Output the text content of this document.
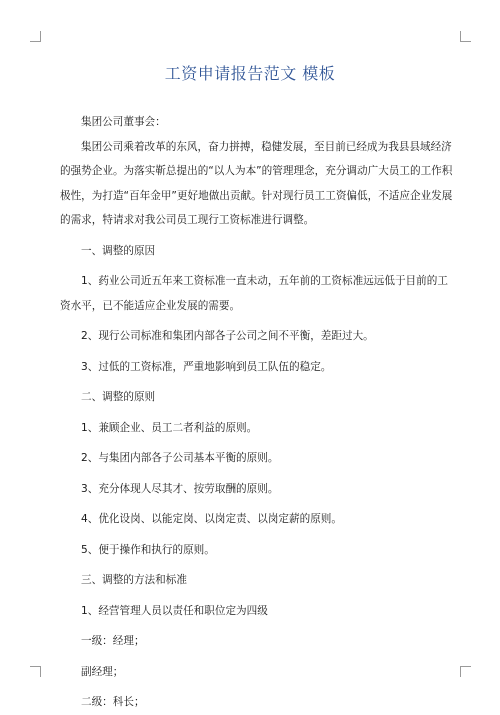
工资申请报告范文 模板

集团公司董事会：

集团公司乘着改革的东风，奋力拼搏，稳健发展，至目前已经成为我县县域经济

的强势企业。为落实靳总提出的“以人为本”的管理理念，充分调动广大员工的工作积

极性，为打造“百年金甲”更好地做出贡献。针对现行员工工资偏低，不适应企业发展

的需求，特请求对我公司员工现行工资标准进行调整。

一、调整的原因

1、药业公司近五年来工资标准一直未动，五年前的工资标准远远低于目前的工

资水平，已不能适应企业发展的需要。

2、现行公司标准和集团内部各子公司之间不平衡，差距过大。

3、过低的工资标准，严重地影响到员工队伍的稳定。

二、调整的原则

1、兼顾企业、员工二者利益的原则。

2、与集团内部各子公司基本平衡的原则。

3、充分体现人尽其才、按劳取酬的原则。

4、优化设岗、以能定岗、以岗定责、以岗定薪的原则。

5、便于操作和执行的原则。

三、调整的方法和标准

1、经营管理人员以责任和职位定为四级

一级：经理；

副经理；

二级：科长；
